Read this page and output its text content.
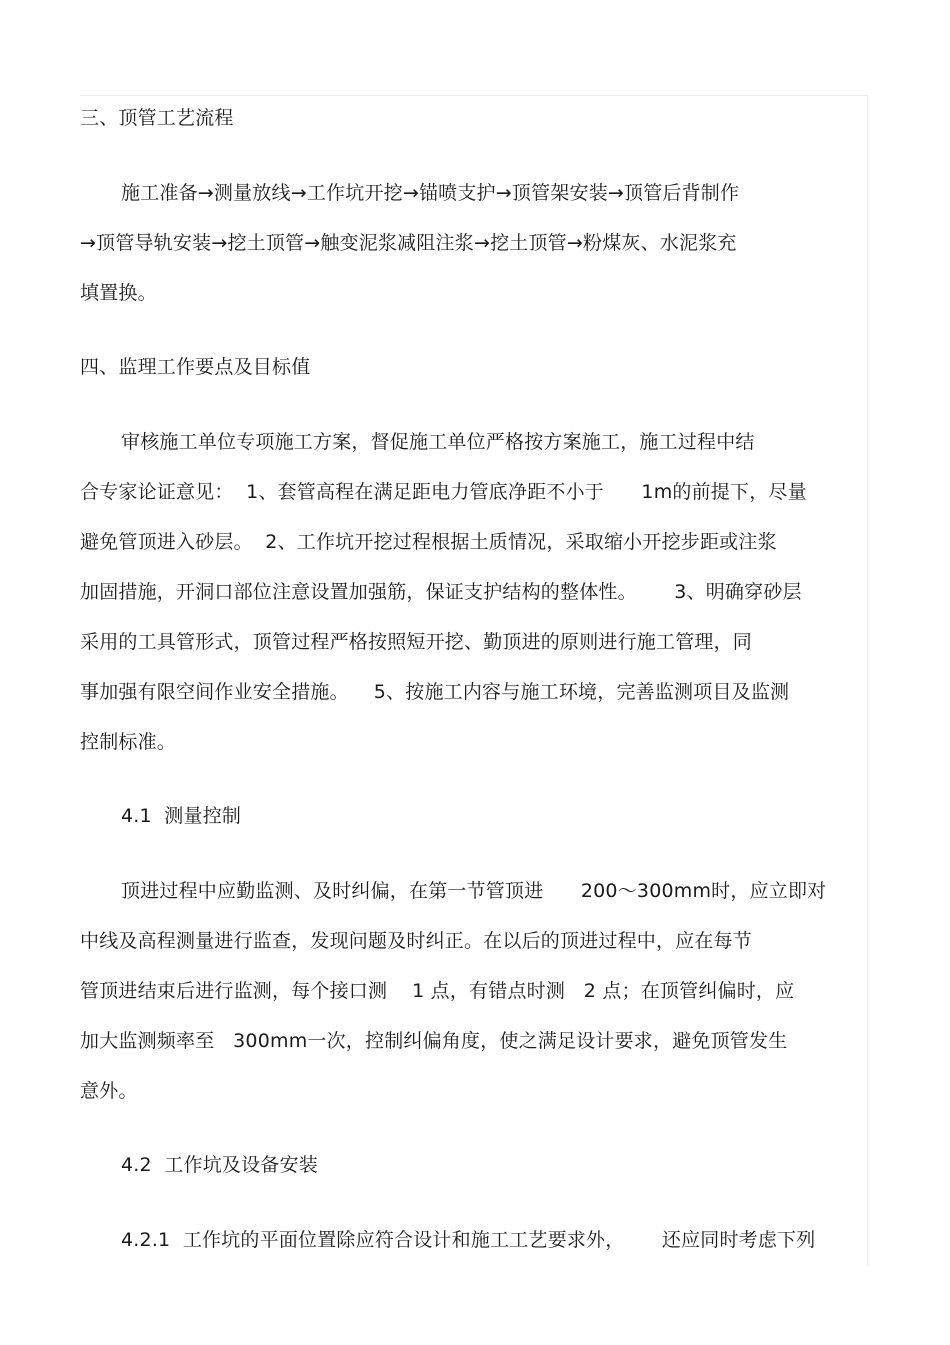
三、顶管工艺流程
施工准备→测量放线→工作坑开挖→锚喷支护→顶管架安装→顶管后背制作
→顶管导轨安装→挖土顶管→触变泥浆减阻注浆→挖土顶管→粉煤灰、水泥浆充
填置换。
四、监理工作要点及目标值
审核施工单位专项施工方案，督促施工单位严格按方案施工，施工过程中结
合专家论证意见：  1、套管高程在满足距电力管底净距不小于      1m的前提下，尽量
避免管顶进入砂层。  2、工作坑开挖过程根据土质情况，采取缩小开挖步距或注浆
加固措施，开洞口部位注意设置加强筋，保证支护结构的整体性。      3、明确穿砂层
采用的工具管形式，顶管过程严格按照短开挖、勤顶进的原则进行施工管理，同
事加强有限空间作业安全措施。    5、按施工内容与施工环境，完善监测项目及监测
控制标准。
4.1  测量控制
顶进过程中应勤监测、及时纠偏，在第一节管顶进      200～300mm时，应立即对
中线及高程测量进行监查，发现问题及时纠正。在以后的顶进过程中，应在每节
管顶进结束后进行监测，每个接口测    1 点，有错点时测   2 点；在顶管纠偏时，应
加大监测频率至   300mm一次，控制纠偏角度，使之满足设计要求，避免顶管发生
意外。
4.2  工作坑及设备安装
4.2.1  工作坑的平面位置除应符合设计和施工工艺要求外，      还应同时考虑下列
